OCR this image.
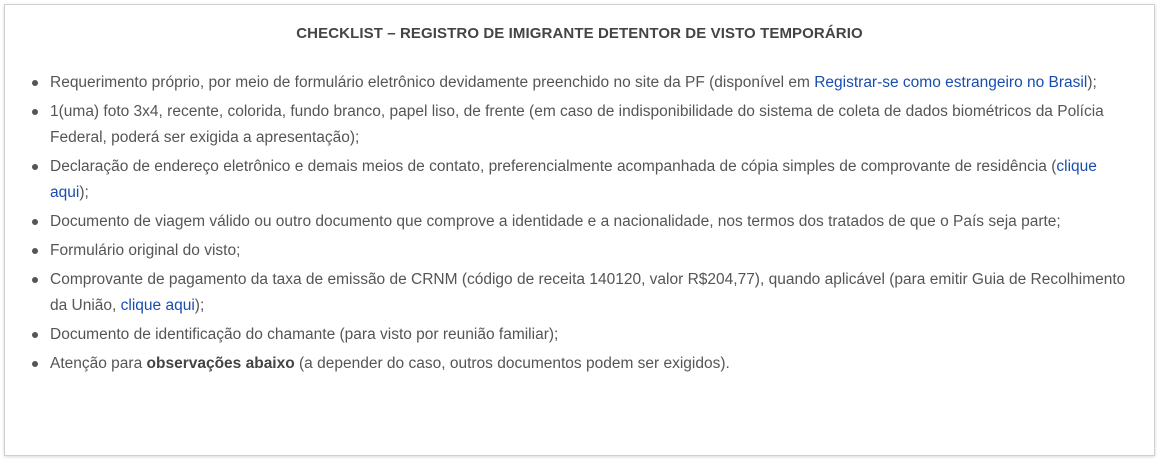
CHECKLIST – REGISTRO DE IMIGRANTE DETENTOR DE VISTO TEMPORÁRIO
Requerimento próprio, por meio de formulário eletrônico devidamente preenchido no site da PF (disponível em Registrar-se como estrangeiro no Brasil);
1(uma) foto 3x4, recente, colorida, fundo branco, papel liso, de frente (em caso de indisponibilidade do sistema de coleta de dados biométricos da Polícia Federal, poderá ser exigida a apresentação);
Declaração de endereço eletrônico e demais meios de contato, preferencialmente acompanhada de cópia simples de comprovante de residência (clique aqui);
Documento de viagem válido ou outro documento que comprove a identidade e a nacionalidade, nos termos dos tratados de que o País seja parte;
Formulário original do visto;
Comprovante de pagamento da taxa de emissão de CRNM (código de receita 140120, valor R$204,77), quando aplicável (para emitir Guia de Recolhimento da União, clique aqui);
Documento de identificação do chamante (para visto por reunião familiar);
Atenção para observações abaixo (a depender do caso, outros documentos podem ser exigidos).
